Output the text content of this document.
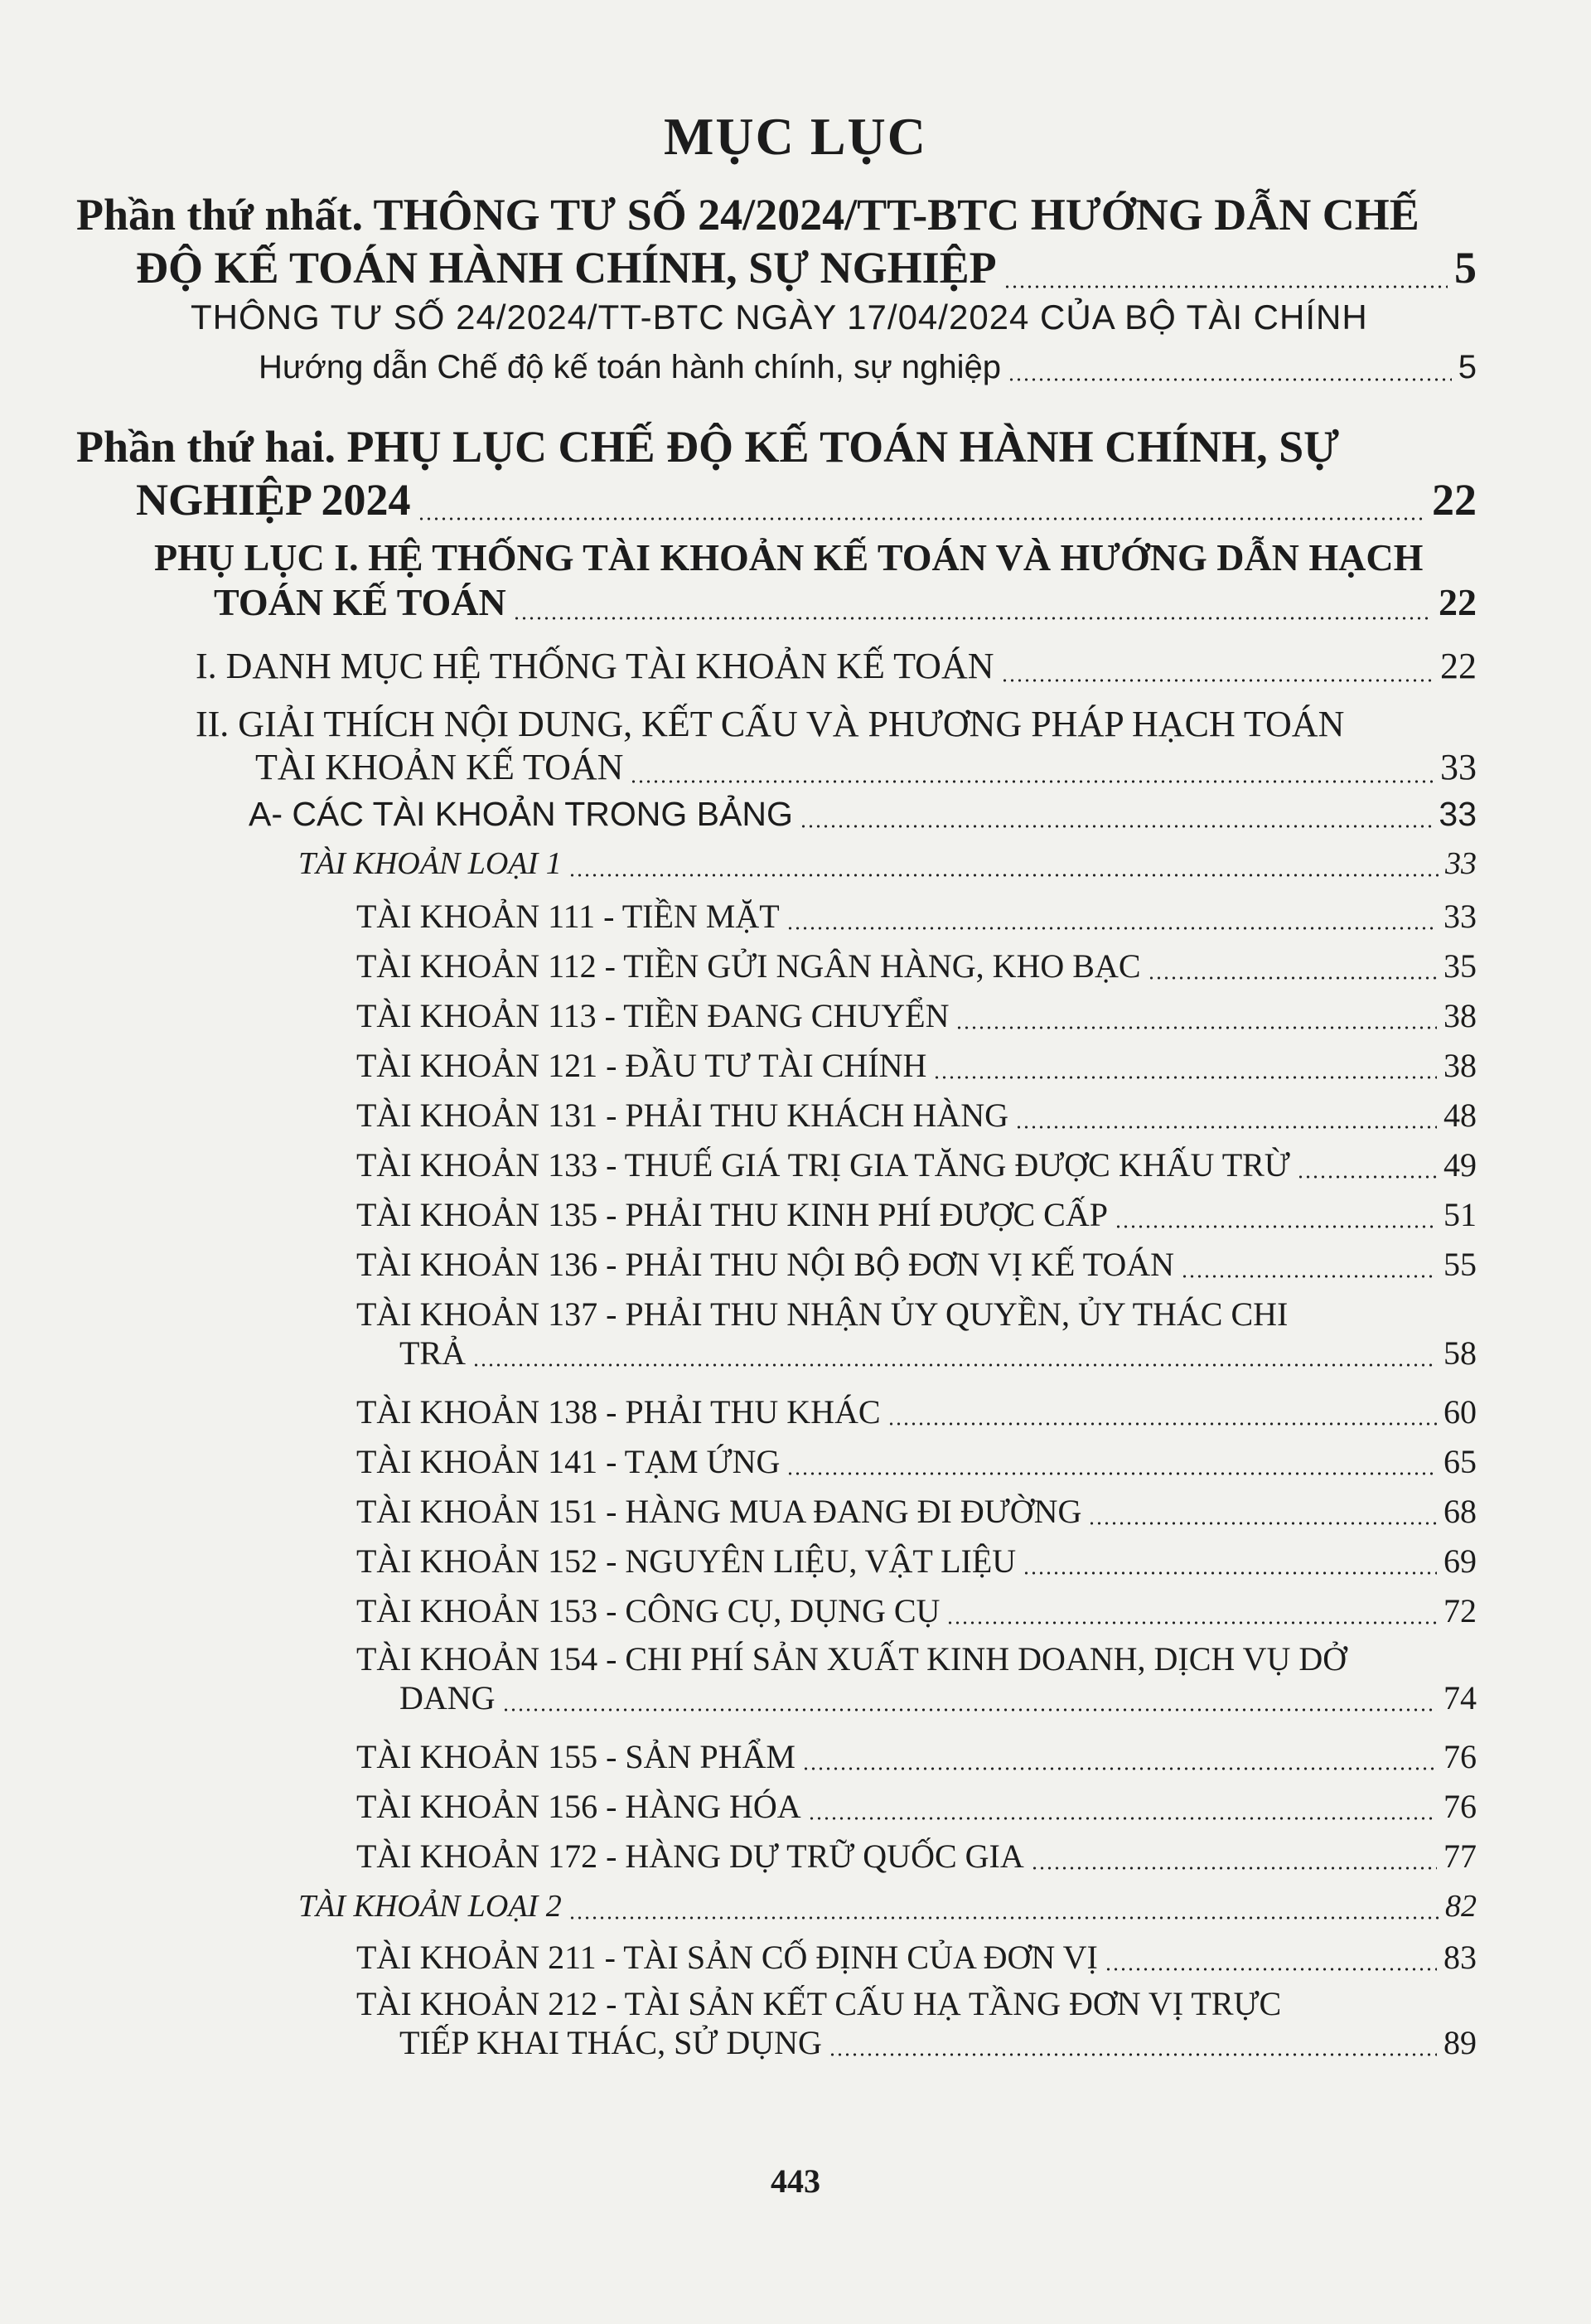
MỤC LỤC
Phần thứ nhất. THÔNG TƯ SỐ 24/2024/TT-BTC HƯỚNG DẪN CHẾ
ĐỘ KẾ TOÁN HÀNH CHÍNH, SỰ NGHIỆP	5
THÔNG TƯ SỐ 24/2024/TT-BTC NGÀY 17/04/2024 CỦA BỘ TÀI CHÍNH
Hướng dẫn Chế độ kế toán hành chính, sự nghiệp	5
Phần thứ hai. PHỤ LỤC CHẾ ĐỘ KẾ TOÁN HÀNH CHÍNH, SỰ
NGHIỆP 2024	22
PHỤ LỤC I. HỆ THỐNG TÀI KHOẢN KẾ TOÁN VÀ HƯỚNG DẪN HẠCH
TOÁN KẾ TOÁN	22
I. DANH MỤC HỆ THỐNG TÀI KHOẢN KẾ TOÁN	22
II. GIẢI THÍCH NỘI DUNG, KẾT CẤU VÀ PHƯƠNG PHÁP HẠCH TOÁN
TÀI KHOẢN KẾ TOÁN	33
A- CÁC TÀI KHOẢN TRONG BẢNG	33
TÀI KHOẢN LOẠI 1	33
TÀI KHOẢN 111 - TIỀN MẶT	33
TÀI KHOẢN 112 - TIỀN GỬI NGÂN HÀNG, KHO BẠC	35
TÀI KHOẢN 113 - TIỀN ĐANG CHUYỂN	38
TÀI KHOẢN 121 - ĐẦU TƯ TÀI CHÍNH	38
TÀI KHOẢN 131 - PHẢI THU KHÁCH HÀNG	48
TÀI KHOẢN 133 - THUẾ GIÁ TRỊ GIA TĂNG ĐƯỢC KHẤU TRỪ	49
TÀI KHOẢN 135 - PHẢI THU KINH PHÍ ĐƯỢC CẤP	51
TÀI KHOẢN 136 - PHẢI THU NỘI BỘ ĐƠN VỊ KẾ TOÁN	55
TÀI KHOẢN 137 - PHẢI THU NHẬN ỦY QUYỀN, ỦY THÁC CHI
TRẢ	58
TÀI KHOẢN 138 - PHẢI THU KHÁC	60
TÀI KHOẢN 141 - TẠM ỨNG	65
TÀI KHOẢN 151 - HÀNG MUA ĐANG ĐI ĐƯỜNG	68
TÀI KHOẢN 152 - NGUYÊN LIỆU, VẬT LIỆU	69
TÀI KHOẢN 153 - CÔNG CỤ, DỤNG CỤ	72
TÀI KHOẢN 154 - CHI PHÍ SẢN XUẤT KINH DOANH, DỊCH VỤ DỞ
DANG	74
TÀI KHOẢN 155 - SẢN PHẨM	76
TÀI KHOẢN 156 - HÀNG HÓA	76
TÀI KHOẢN 172 - HÀNG DỰ TRỮ QUỐC GIA	77
TÀI KHOẢN LOẠI 2	82
TÀI KHOẢN 211 - TÀI SẢN CỐ ĐỊNH CỦA ĐƠN VỊ	83
TÀI KHOẢN 212 - TÀI SẢN KẾT CẤU HẠ TẦNG ĐƠN VỊ TRỰC
TIẾP KHAI THÁC, SỬ DỤNG	89
443
